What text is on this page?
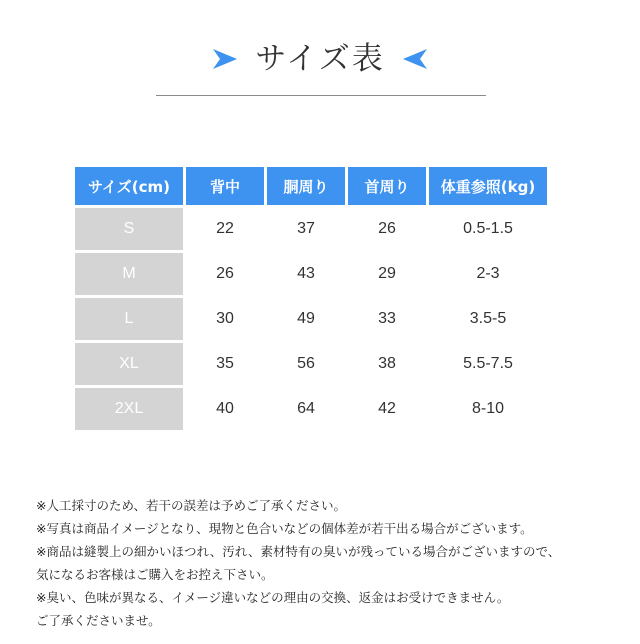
サイズ表
サイズ(cm)	背中	胴周り	首周り	体重参照(kg)
S	22	37	26	0.5-1.5
M	26	43	29	2-3
L	30	49	33	3.5-5
XL	35	56	38	5.5-7.5
2XL	40	64	42	8-10
※人工採寸のため、若干の誤差は予めご了承ください。
※写真は商品イメージとなり、現物と色合いなどの個体差が若干出る場合がございます。
※商品は縫製上の細かいほつれ、汚れ、素材特有の臭いが残っている場合がございますので、
気になるお客様はご購入をお控え下さい。
※臭い、色味が異なる、イメージ違いなどの理由の交換、返金はお受けできません。
ご了承くださいませ。
